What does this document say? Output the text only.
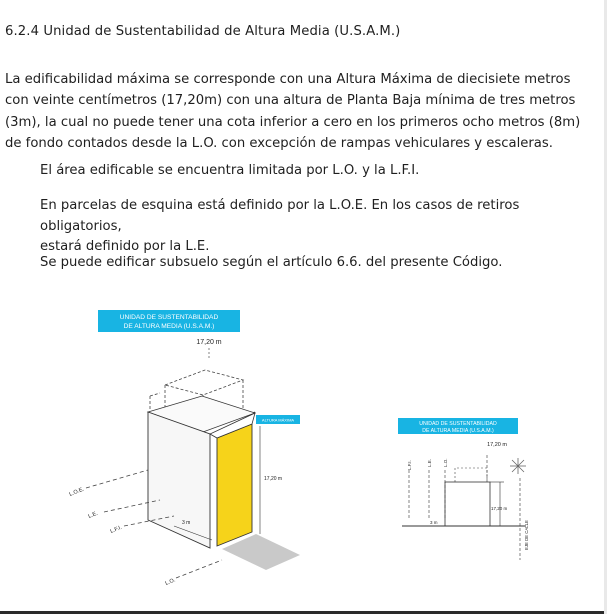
6.2.4 Unidad de Sustentabilidad de Altura Media (U.S.A.M.)
La edificabilidad máxima se corresponde con una Altura Máxima de diecisiete metros con veinte centímetros (17,20m) con una altura de Planta Baja mínima de tres metros (3m), la cual no puede tener una cota inferior a cero en los primeros ocho metros (8m) de fondo contados desde la L.O. con excepción de rampas vehiculares y escaleras.
El área edificable se encuentra limitada por L.O. y la L.F.I.
En parcelas de esquina está definido por la L.O.E. En los casos de retiros obligatorios,
estará definido por la L.E.
Se puede edificar subsuelo según el artículo 6.6. del presente Código.
UNIDAD DE SUSTENTABILIDAD
DE ALTURA MEDIA (U.S.A.M.)
17,20 m
ALTURA MÁXIMA
17,20 m
3 m
L.O.E.
L.E.
L.F.I.
L.O.
UNIDAD DE SUSTENTABILIDAD
DE ALTURA MEDIA (U.S.A.M.)
17,20 m
L.F.I.	L.E. L.O.
17,20 m
3 m	EJE DE CALLE
